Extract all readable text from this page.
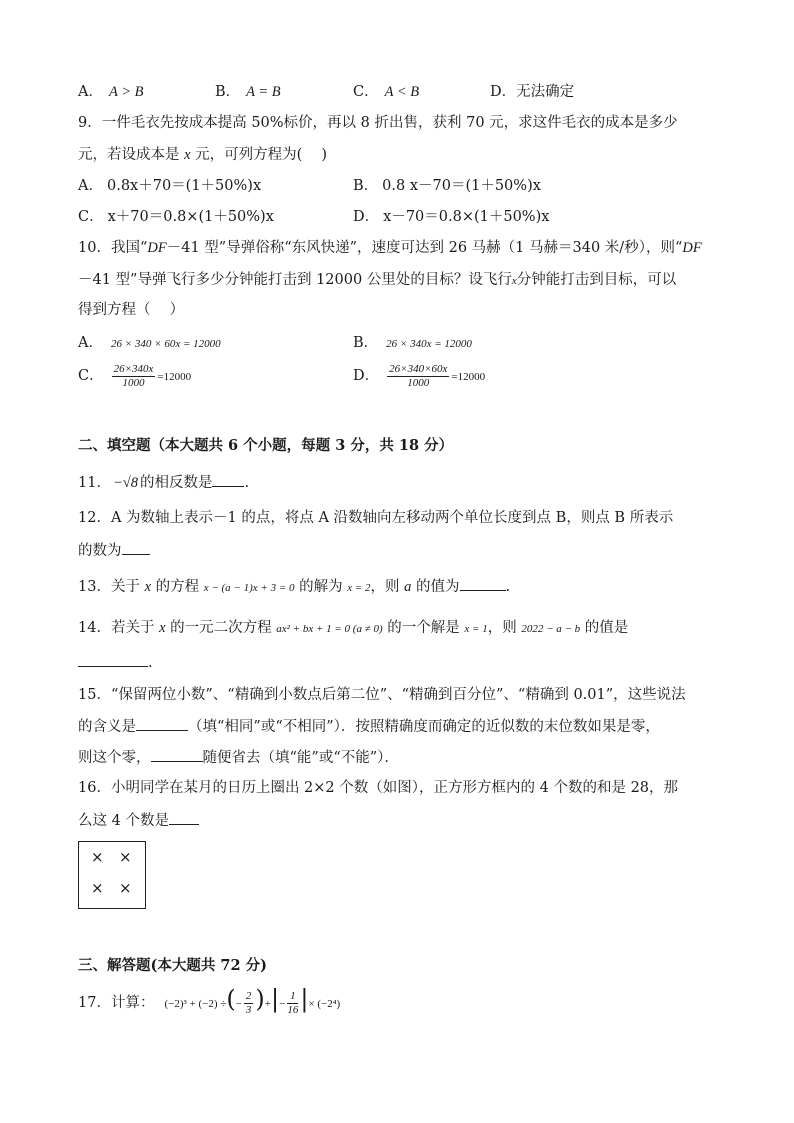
A． A > B	B． A = B	C． A < B	D．无法确定
9．一件毛衣先按成本提高 50%标价，再以 8 折出售，获利 70 元，求这件毛衣的成本是多少
元，若设成本是 x 元，可列方程为(　 )
A． 0.8x＋70＝(1＋50%)x	B． 0.8 x－70＝(1＋50%)x
C． x＋70＝0.8×(1＋50%)x	D． x－70＝0.8×(1＋50%)x
10．我国“DF－41 型”导弹俗称“东风快递”，速度可达到 26 马赫（1 马赫＝340 米/秒），则“DF
－41 型”导弹飞行多少分钟能打击到 12000 公里处的目标？设飞行x分钟能打击到目标，可以
得到方程（　 ）
A． 26 × 340 × 60x = 12000	B． 26 × 340x = 12000
C． $\frac{26\times 340x}{1000} =12000$	D． $\frac{26\times 340\times 60x}{1000} =12000$
二、填空题（本大题共 6 个小题，每题 3 分，共 18 分）
11． −√8 的相反数是 .
12．A 为数轴上表示－1 的点，将点 A 沿数轴向左移动两个单位长度到点 B，则点 B 所表示
的数为
13．关于 x 的方程 x − (a − 1)x + 3 = 0 的解为 x = 2，则 a 的值为	.
14．若关于 x 的一元二次方程 ax² + bx + 1 = 0 (a ≠ 0) 的一个解是 x = 1，则 2022 − a − b 的值是
.
15．“保留两位小数”、“精确到小数点后第二位”、“精确到百分位”、“精确到 0.01”，这些说法
的含义是	（填“相同”或“不相同”）．按照精确度而确定的近似数的末位数如果是零，
则这个零，	随便省去（填“能”或“不能”）．
16．小明同学在某月的日历上圈出 2×2 个数（如图），正方形方框内的 4 个数的和是 28，那
么这 4 个数是
× ×
× ×
三、解答题(本大题共 72 分)
17．计算： (−2)³ + (−2) ÷(− $\frac{2}{3}$ )+|− $\frac{1}{16}$ |× (−2⁴)
